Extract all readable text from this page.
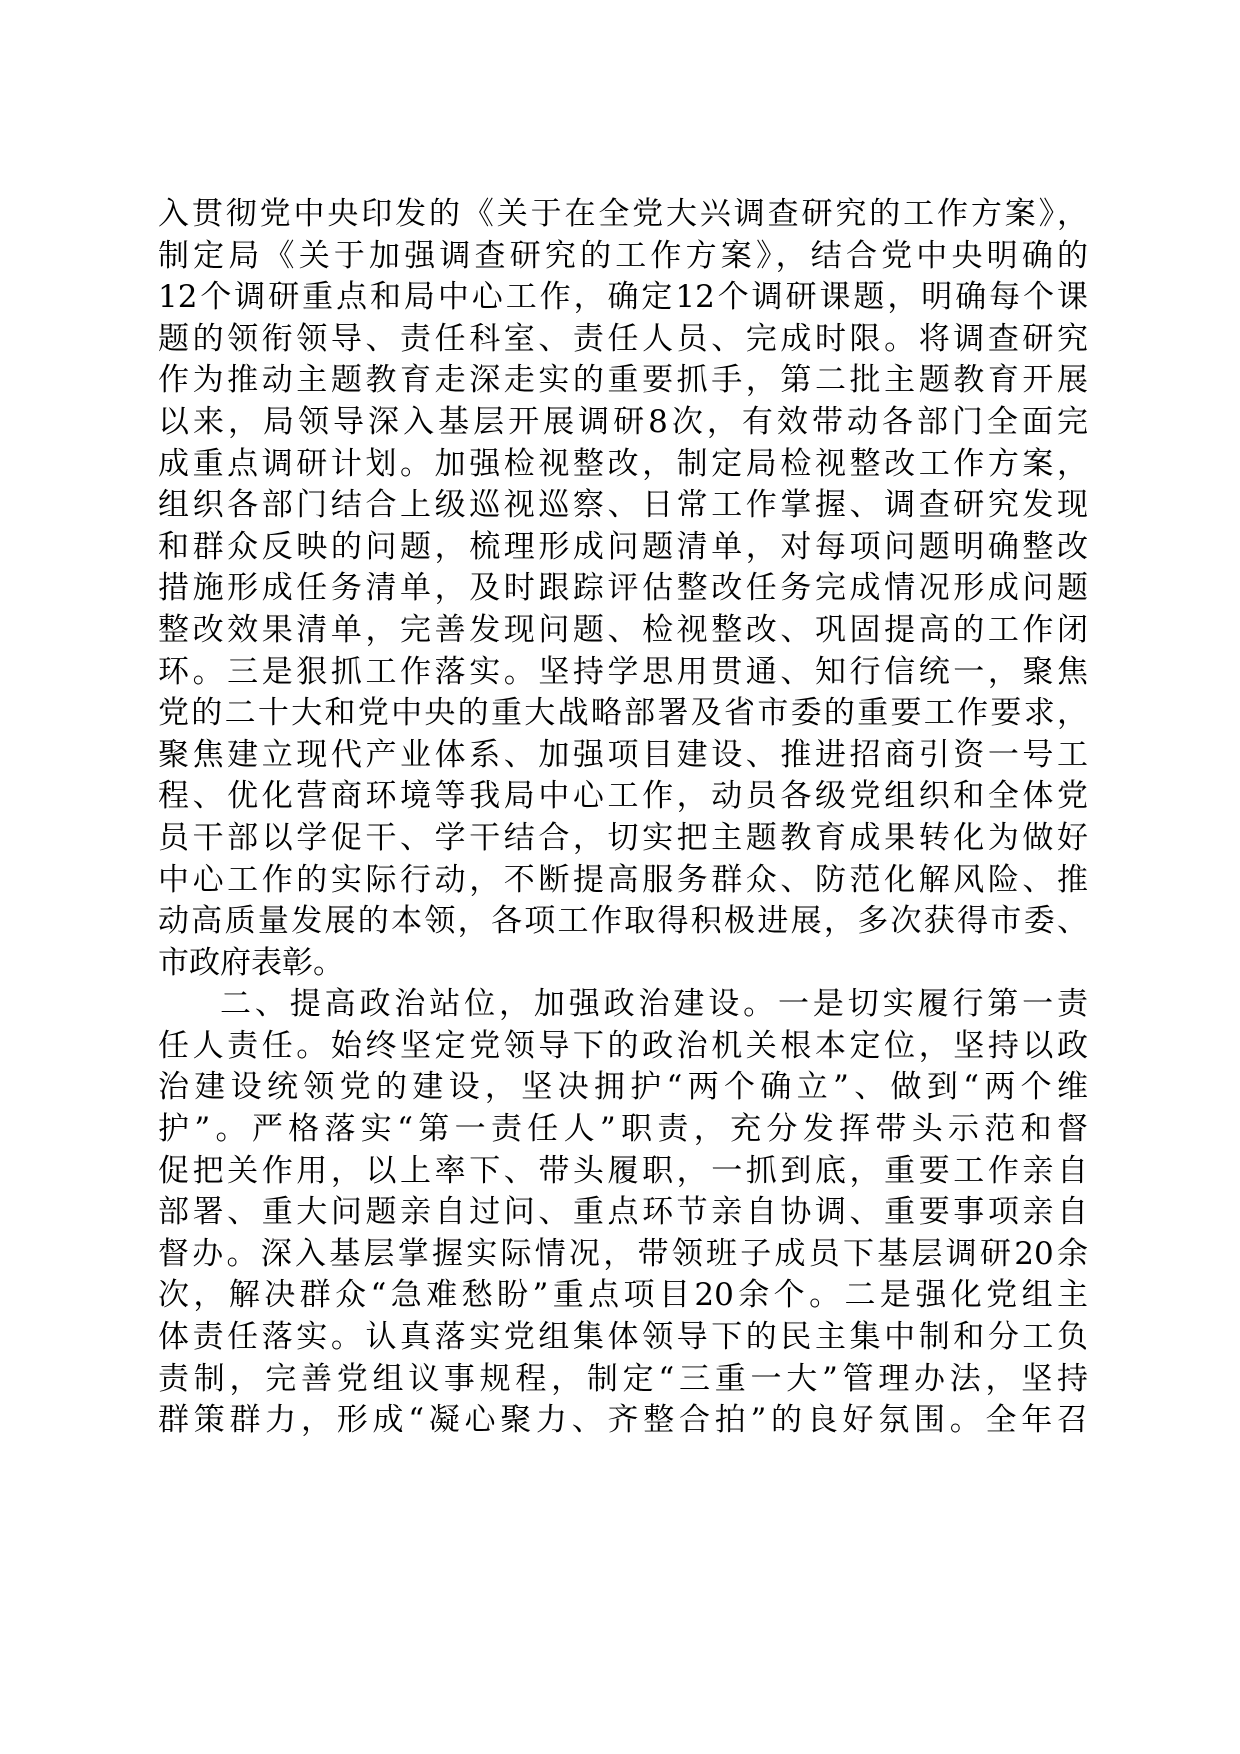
入贯彻党中央印发的《关于在全党大兴调查研究的工作方案》，
制定局《关于加强调查研究的工作方案》，结合党中央明确的
12个调研重点和局中心工作，确定12个调研课题，明确每个课
题的领衔领导、责任科室、责任人员、完成时限。将调查研究
作为推动主题教育走深走实的重要抓手，第二批主题教育开展
以来，局领导深入基层开展调研8次，有效带动各部门全面完
成重点调研计划。加强检视整改，制定局检视整改工作方案，
组织各部门结合上级巡视巡察、日常工作掌握、调查研究发现
和群众反映的问题，梳理形成问题清单，对每项问题明确整改
措施形成任务清单，及时跟踪评估整改任务完成情况形成问题
整改效果清单，完善发现问题、检视整改、巩固提高的工作闭
环。三是狠抓工作落实。坚持学思用贯通、知行信统一，聚焦
党的二十大和党中央的重大战略部署及省市委的重要工作要求，
聚焦建立现代产业体系、加强项目建设、推进招商引资一号工
程、优化营商环境等我局中心工作，动员各级党组织和全体党
员干部以学促干、学干结合，切实把主题教育成果转化为做好
中心工作的实际行动，不断提高服务群众、防范化解风险、推
动高质量发展的本领，各项工作取得积极进展，多次获得市委、
市政府表彰。
二、提高政治站位，加强政治建设。一是切实履行第一责
任人责任。始终坚定党领导下的政治机关根本定位，坚持以政
治建设统领党的建设，坚决拥护“两个确立”、做到“两个维
护”。严格落实“第一责任人”职责，充分发挥带头示范和督
促把关作用，以上率下、带头履职，一抓到底，重要工作亲自
部署、重大问题亲自过问、重点环节亲自协调、重要事项亲自
督办。深入基层掌握实际情况，带领班子成员下基层调研20余
次，解决群众“急难愁盼”重点项目20余个。二是强化党组主
体责任落实。认真落实党组集体领导下的民主集中制和分工负
责制，完善党组议事规程，制定“三重一大”管理办法，坚持
群策群力，形成“凝心聚力、齐整合拍”的良好氛围。全年召
